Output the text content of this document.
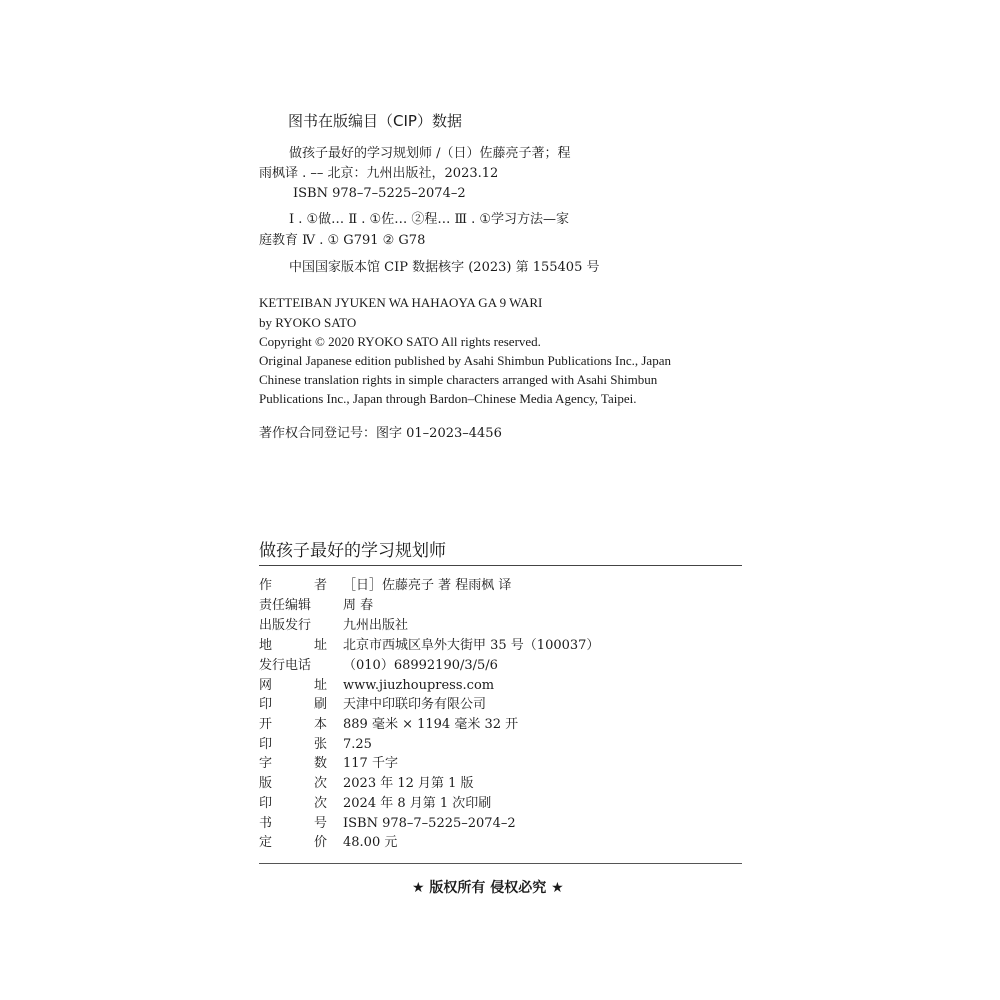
图书在版编目（CIP）数据
做孩子最好的学习规划师 /（日）佐藤亮子著；程
雨枫译 . –– 北京：九州出版社，2023.12
ISBN 978–7–5225–2074–2
Ⅰ . ①做… Ⅱ . ①佐… ②程… Ⅲ . ①学习方法—家
庭教育 Ⅳ . ① G791 ② G78
中国国家版本馆 CIP 数据核字 (2023) 第 155405 号
KETTEIBAN JYUKEN WA HAHAOYA GA 9 WARI
by RYOKO SATO
Copyright © 2020 RYOKO SATO All rights reserved.
Original Japanese edition published by Asahi Shimbun Publications Inc., Japan
Chinese translation rights in simple characters arranged with Asahi Shimbun
Publications Inc., Japan through Bardon–Chinese Media Agency, Taipei.
著作权合同登记号：图字 01–2023–4456
做孩子最好的学习规划师
作	者 ［日］佐藤亮子 著 程雨枫 译
责任编辑 周 春
出版发行 九州出版社
地	址 北京市西城区阜外大街甲 35 号（100037）
发行电话 （010）68992190/3/5/6
网	址 www.jiuzhoupress.com
印	刷 天津中印联印务有限公司
开	本 889 毫米 × 1194 毫米 32 开
印	张 7.25
字	数 117 千字
版	次 2023 年 12 月第 1 版
印	次 2024 年 8 月第 1 次印刷
书	号 ISBN 978–7–5225–2074–2
定	价 48.00 元
★ 版权所有 侵权必究 ★
